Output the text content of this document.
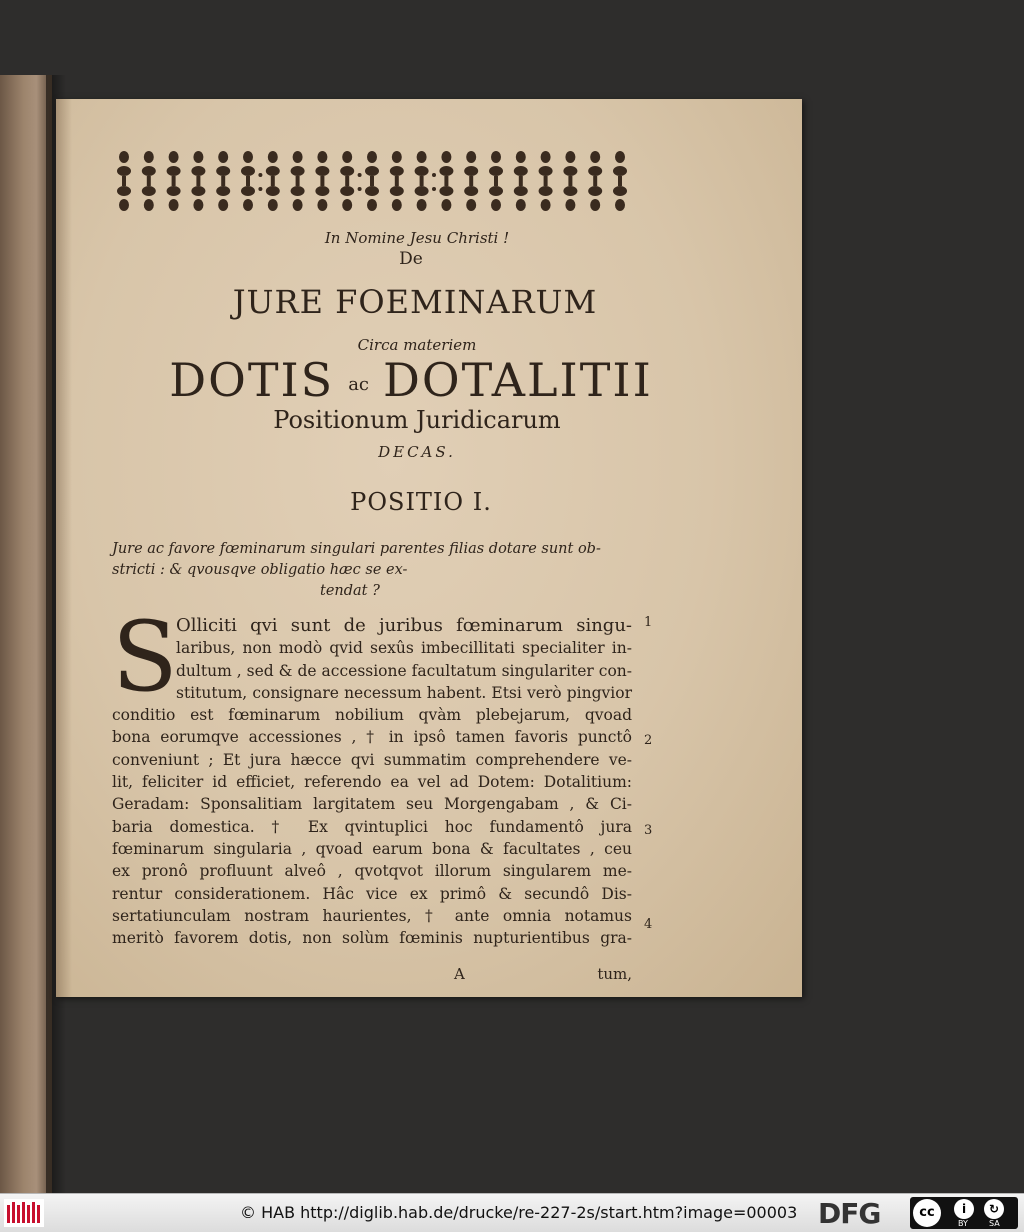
In Nomine Jesu Christi !
De
JURE FOEMINARUM
Circa materiem
DOTIS ac DOTALITII
Positionum Juridicarum
DECAS.
POSITIO I.
Jure ac favore fœminarum singulari parentes filias dotare sunt ob-
stricti : & qvousqve obligatio hæc se ex-

tendat ?
S
Olliciti qvi sunt de juribus fœminarum singu-
laribus, non modò qvid sexûs imbecillitati specialiter in-
dultum , sed & de accessione facultatum singulariter con-
stitutum, consignare necessum habent. Etsi verò pingvior
conditio est fœminarum nobilium qvàm plebejarum, qvoad
bona eorumqve accessiones , † in ipsô tamen favoris punctô
conveniunt ; Et jura hæcce qvi summatim comprehendere ve-
lit, feliciter id efficiet, referendo ea vel ad Dotem: Dotalitium:
Geradam: Sponsalitiam largitatem seu Morgengabam , & Ci-
baria domestica. † Ex qvintuplici hoc fundamentô jura
fœminarum singularia , qvoad earum bona & facultates , ceu
ex pronô profluunt alveô , qvotqvot illorum singularem me-
rentur considerationem. Hâc vice ex primô & secundô Dis-
sertatiunculam nostram haurientes, † ante omnia notamus
meritò favorem dotis, non solùm fœminis nupturientibus gra-
1
2
3
4
A	tum,
© HAB http://diglib.hab.de/drucke/re-227-2s/start.htm?image=00003 DFG	cc	i	↻
BY	SA
